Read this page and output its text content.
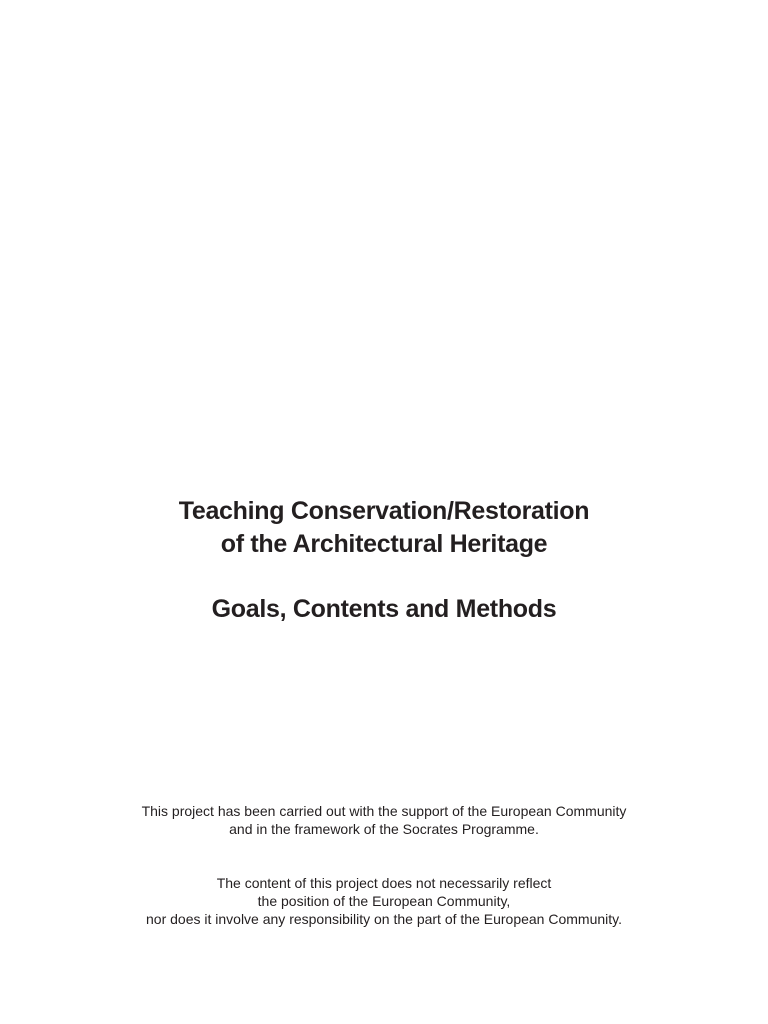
Teaching Conservation/Restoration
of the Architectural Heritage
Goals, Contents and Methods
This project has been carried out with the support of the European Community
and in the framework of the Socrates Programme.
The content of this project does not necessarily reflect
the position of the European Community,
nor does it involve any responsibility on the part of the European Community.
